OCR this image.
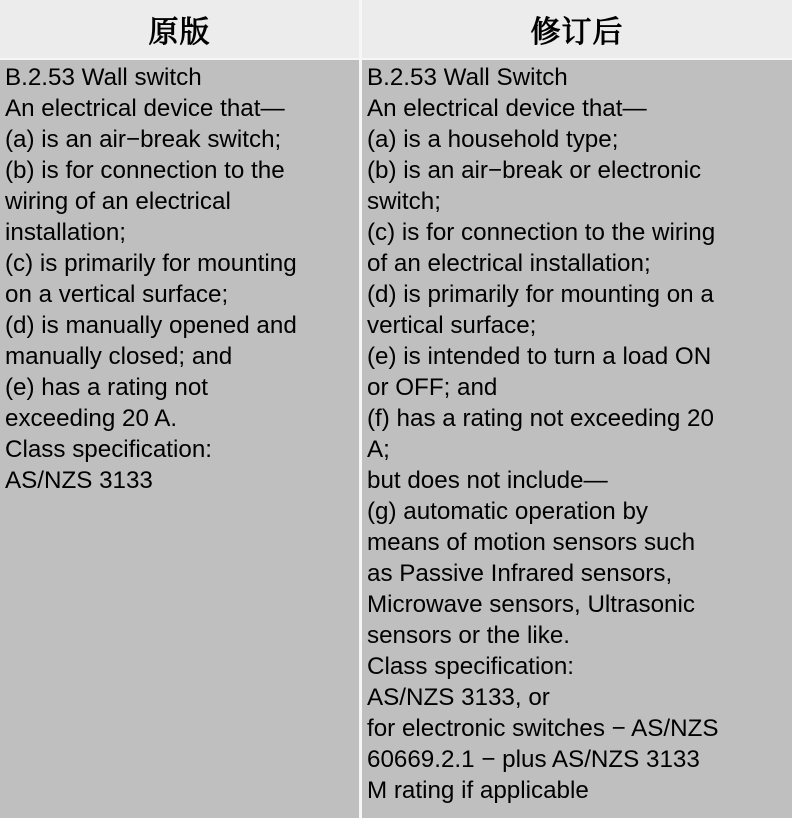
原版	修订后
B.2.53 Wall switch
An electrical device that—
(a) is an air−break switch;
(b) is for connection to the
wiring of an electrical
installation;
(c) is primarily for mounting
on a vertical surface;
(d) is manually opened and
manually closed; and
(e) has a rating not
exceeding 20 A.
Class specification:
AS/NZS 3133
B.2.53 Wall Switch
An electrical device that—
(a) is a household type;
(b) is an air−break or electronic
switch;
(c) is for connection to the wiring
of an electrical installation;
(d) is primarily for mounting on a
vertical surface;
(e) is intended to turn a load ON
or OFF; and
(f) has a rating not exceeding 20
A;
but does not include—
(g) automatic operation by
means of motion sensors such
as Passive Infrared sensors,
Microwave sensors, Ultrasonic
sensors or the like.
Class specification:
AS/NZS 3133, or
for electronic switches − AS/NZS
60669.2.1 − plus AS/NZS 3133
M rating if applicable
